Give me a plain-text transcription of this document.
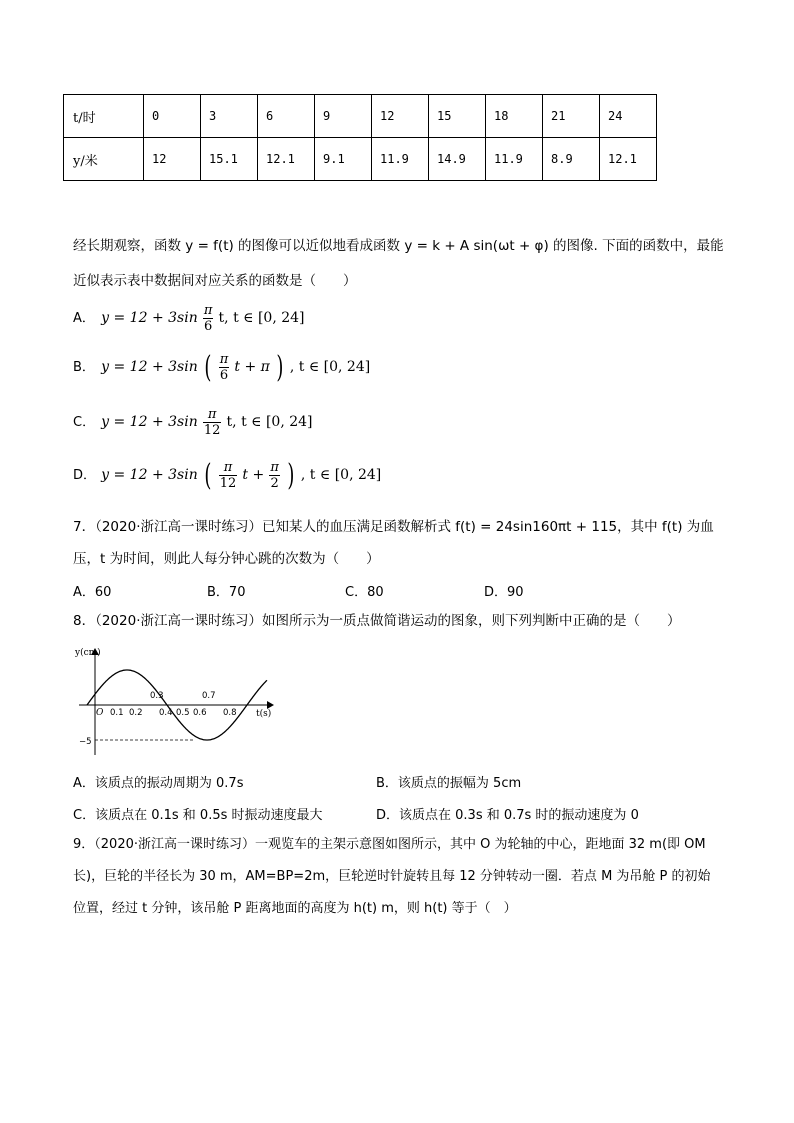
t/时	0	3	6	9	12	15	18	21	24
y/米	12	15.1	12.1	9.1	11.9	14.9	11.9	8.9	12.1
经长期观察，函数 y = f(t) 的图像可以近似地看成函数 y = k + A sin(ωt + φ) 的图像. 下面的函数中，最能
近似表示表中数据间对应关系的函数是（　　）
A． $y = 12 + 3\sin \frac{\pi}{6} t$, t ∈ [0, 24]
B． y = 12 + 3sin ( $\frac{\pi}{6}$ t + π ) , t ∈ [0, 24]
C． $y = 12 + 3\sin \frac{\pi}{12} t$, t ∈ [0, 24]
D． y = 12 + 3sin ( $\frac{\pi}{12}$ $t + \frac{\pi}{2}$ ) , t ∈ [0, 24]
7．（2020·浙江高一课时练习）已知某人的血压满足函数解析式 f(t) = 24sin160πt + 115，其中 f(t) 为血
压，t 为时间，则此人每分钟心跳的次数为（　　）
A．60	B．70	C．80	D．90
8．（2020·浙江高一课时练习）如图所示为一质点做简谐运动的图象，则下列判断中正确的是（　　）
y(cm)
t(s)
O 0.1 0.2 0.4 0.5 0.6 0.8
0.3	0.7
−5
A．该质点的振动周期为 0.7s	B．该质点的振幅为 5cm
C．该质点在 0.1s 和 0.5s 时振动速度最大	D．该质点在 0.3s 和 0.7s 时的振动速度为 0
9．（2020·浙江高一课时练习）一观览车的主架示意图如图所示，其中 O 为轮轴的中心，距地面 32 m(即 OM
长)，巨轮的半径长为 30 m，AM=BP=2m，巨轮逆时针旋转且每 12 分钟转动一圈．若点 M 为吊舱 P 的初始
位置，经过 t 分钟，该吊舱 P 距离地面的高度为 h(t) m，则 h(t) 等于（　）
